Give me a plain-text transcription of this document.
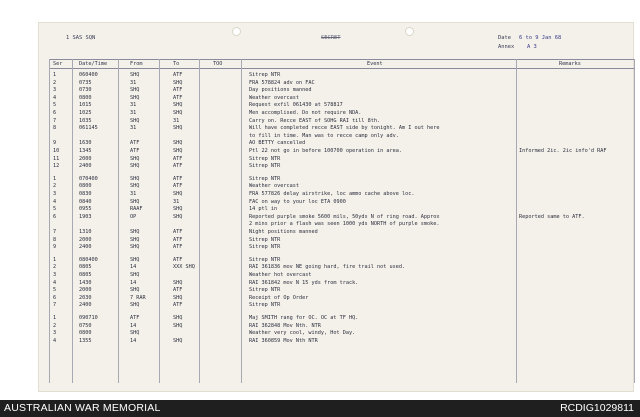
1 SAS SQN	SECRET	Date 6 to 9 Jan 68
Annex A 3
Ser	Date/Time	From	To	TOO	Event	Remarks
1	060400	SHQ	ATF	Sitrep NTR
2	0735	31	SHQ	FRA 578824 adv on FAC
3	0730	SHQ	ATF	Day positions manned
4	0800	SHQ	ATF	Weather overcast
5	1015	31	SHQ	Request exfil 061430 at 578817
6	1025	31	SHQ	Men accomplised. Do not require NDA.
7	1035	SHQ	31	Carry on. Recce EAST of SOHG RAI till 8th.
8	061145	31	SHQ	Will have completed recce EAST side by tonight. Am I out here
to fill in time. Man was to recce camp only adv.
9	1630	ATF	SHQ	AO BETTY cancelled
10	1345	ATF	SHQ	Ptl 22 not go in before 100700 operation in area.	Informed 2ic. 2ic info'd RAF
11	2000	SHQ	ATF	Sitrep NTR
12	2400	SHQ	ATF	Sitrep NTR
1	070400	SHQ	ATF	Sitrep NTR
2	0800	SHQ	ATF	Weather overcast
3	0830	31	SHQ	FRA 577826 delay airstrike, loc ammo cache above loc.
4	0840	SHQ	31	FAC on way to your loc ETA 0900
5	0955	RAAF	SHQ	14 ptl in
6	1903	OP	SHQ	Reported purple smoke 5600 mils, 50yds N of ring road. Approx	Reported same to ATF.
2 mins prior a flash was seen 1000 yds NORTH of purple smoke.
7	1310	SHQ	ATF	Night positions manned
8	2000	SHQ	ATF	Sitrep NTR
9	2400	SHQ	ATF	Sitrep NTR
1	080400	SHQ	ATF	Sitrep NTR
2	0805	14	XXX SHQ	RAI 361836 mov NE going hard, fire trail not used.
3	0805	SHQ	Weather hot overcast
4	1430	14	SHQ	RAI 361842 mov N 15 yds from track.
5	2000	SHQ	ATF	Sitrep NTR
6	2030	7 RAR	SHQ	Receipt of Op Order
7	2400	SHQ	ATF	Sitrep NTR
1	090710	ATF	SHQ	Maj SMITH rang for OC. OC at TF HQ.
2	0750	14	SHQ	RAI 362848 Mov Nth. NTR
3	0800	SHQ	Weather very cool, windy, Hot Day.
4	1355	14	SHQ	RAI 360859 Mov Nth NTR
AUSTRALIAN WAR MEMORIAL	RCDIG1029811
